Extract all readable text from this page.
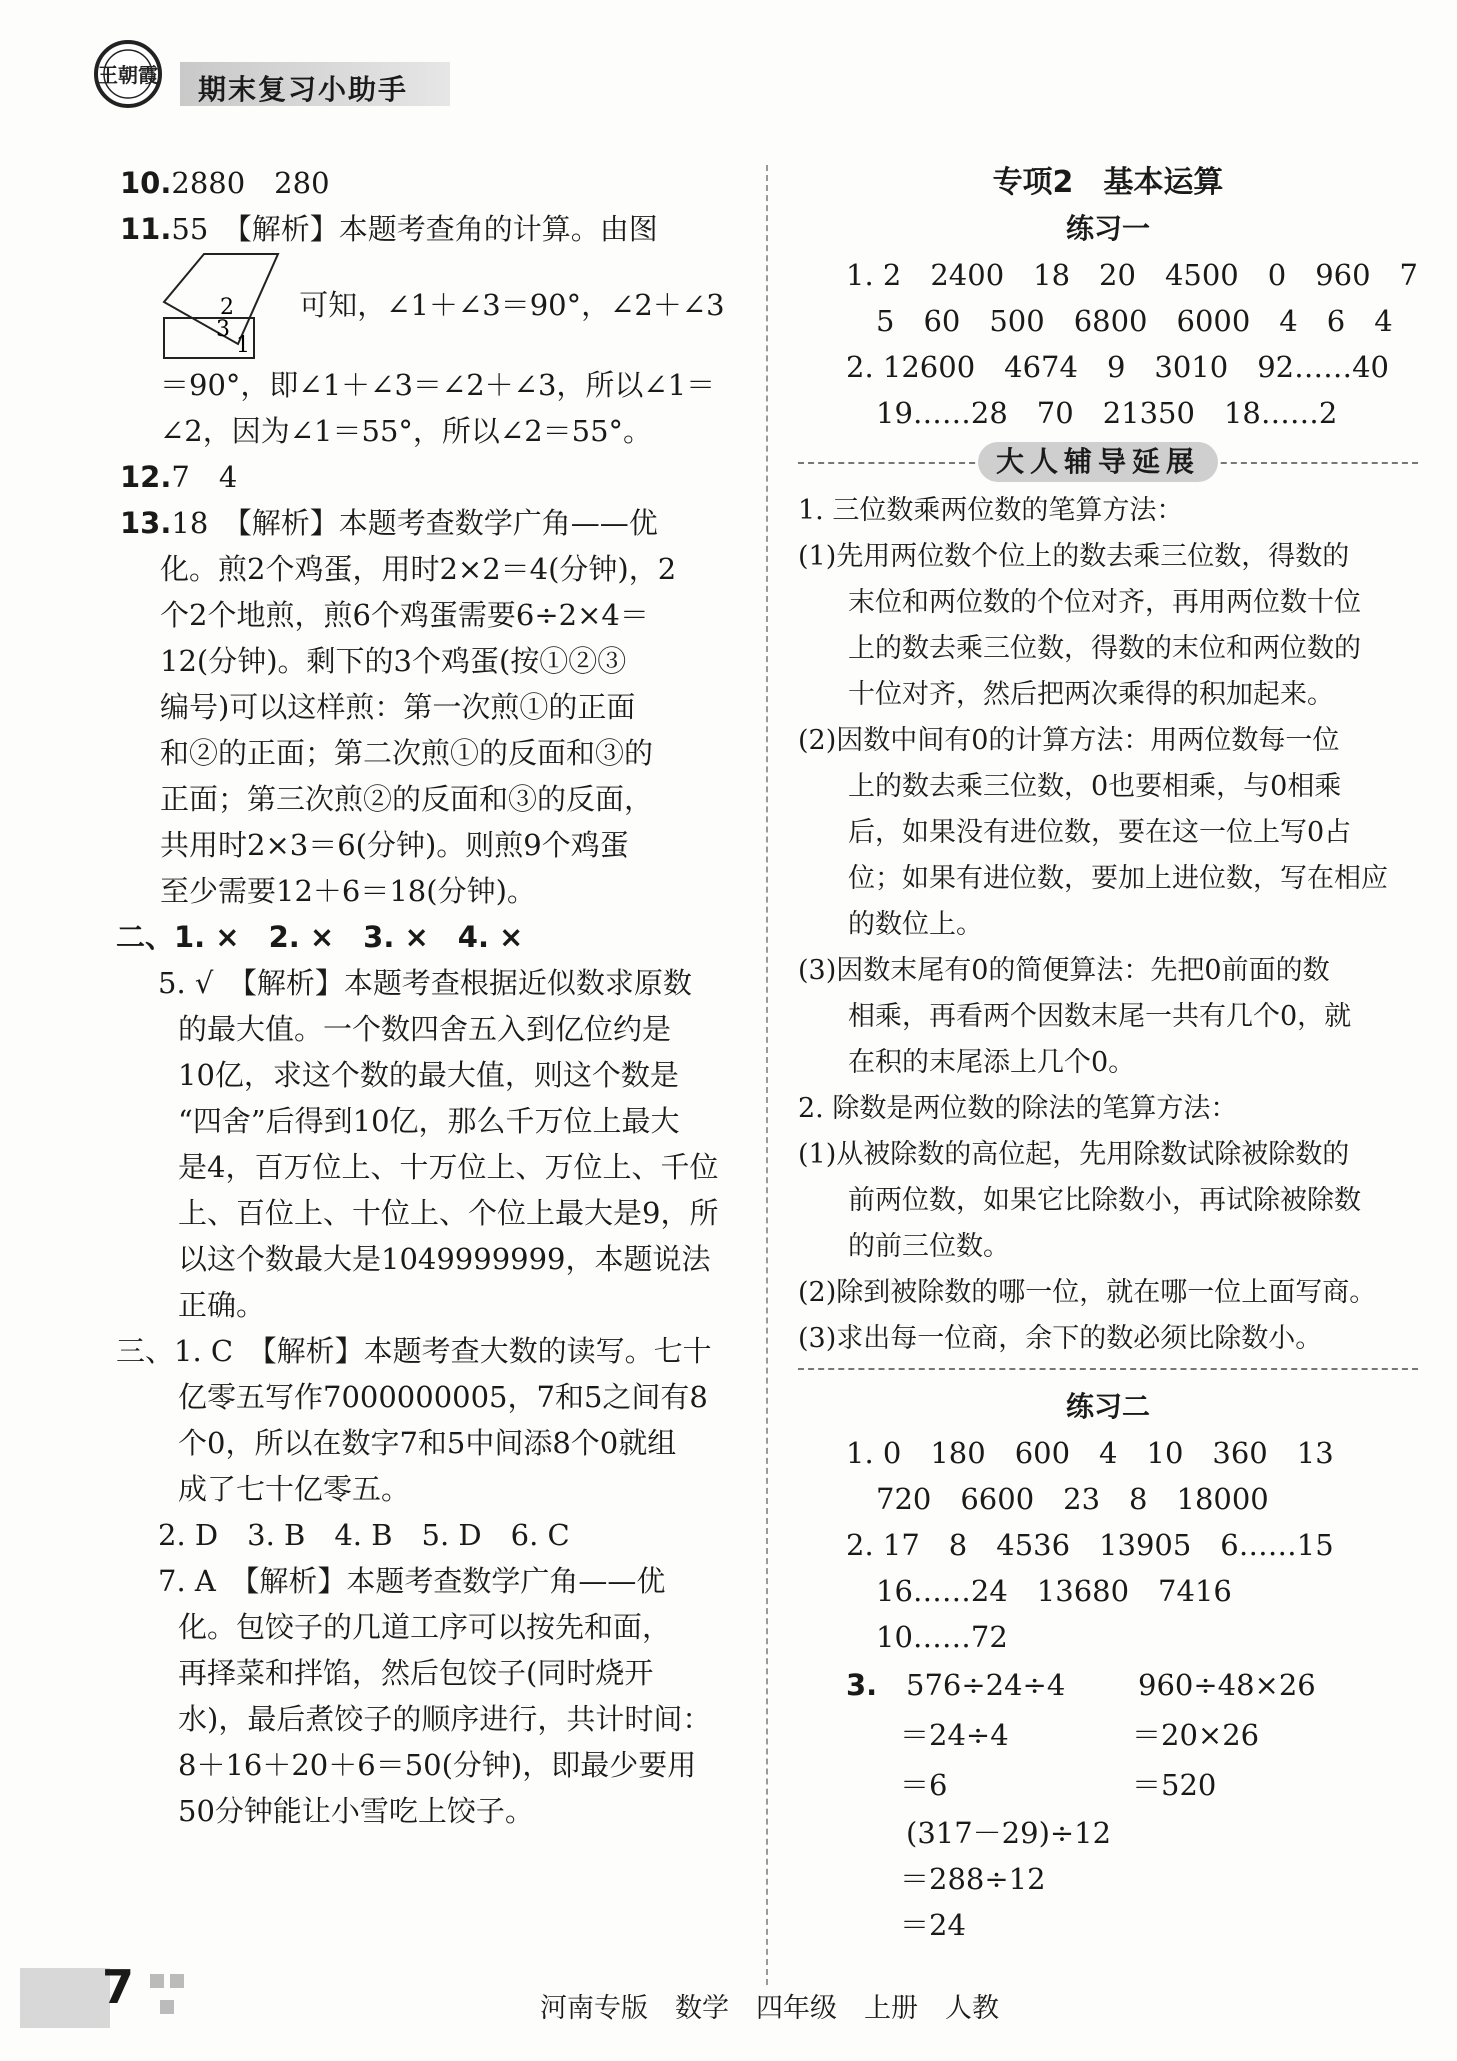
王朝霞 期末复习小助手
10.2880　280
11.55　【解析】本题考查角的计算。由图
2
3
1
可知，∠1＋∠3＝90°，∠2＋∠3
＝90°，即∠1＋∠3＝∠2＋∠3，所以∠1＝
∠2，因为∠1＝55°，所以∠2＝55°。
12.7　4
13.18　【解析】本题考查数学广角——优
化。煎2个鸡蛋，用时2×2＝4(分钟)，2
个2个地煎，煎6个鸡蛋需要6÷2×4＝
12(分钟)。剩下的3个鸡蛋(按①②③
编号)可以这样煎：第一次煎①的正面
和②的正面；第二次煎①的反面和③的
正面；第三次煎②的反面和③的反面，
共用时2×3＝6(分钟)。则煎9个鸡蛋
至少需要12＋6＝18(分钟)。
二、1. ×　2. ×　3. ×　4. ×
5. √　【解析】本题考查根据近似数求原数
的最大值。一个数四舍五入到亿位约是
10亿，求这个数的最大值，则这个数是
“四舍”后得到10亿，那么千万位上最大
是4，百万位上、十万位上、万位上、千位
上、百位上、十位上、个位上最大是9，所
以这个数最大是1049999999，本题说法
正确。
三、1. C　【解析】本题考查大数的读写。七十
亿零五写作7000000005，7和5之间有8
个0，所以在数字7和5中间添8个0就组
成了七十亿零五。
2. D　3. B　4. B　5. D　6. C
7. A　【解析】本题考查数学广角——优
化。包饺子的几道工序可以按先和面，
再择菜和拌馅，然后包饺子(同时烧开
水)，最后煮饺子的顺序进行，共计时间：
8＋16＋20＋6＝50(分钟)，即最少要用
50分钟能让小雪吃上饺子。
专项2　基本运算
练习一
1. 2　2400　18　20　4500　0　960　7
5　60　500　6800　6000　4　6　4
2. 12600　4674　9　3010　92……40
19……28　70　21350　18……2
大人辅导延展
1. 三位数乘两位数的笔算方法：
(1)先用两位数个位上的数去乘三位数，得数的
末位和两位数的个位对齐，再用两位数十位
上的数去乘三位数，得数的末位和两位数的
十位对齐，然后把两次乘得的积加起来。
(2)因数中间有0的计算方法：用两位数每一位
上的数去乘三位数，0也要相乘，与0相乘
后，如果没有进位数，要在这一位上写0占
位；如果有进位数，要加上进位数，写在相应
的数位上。
(3)因数末尾有0的简便算法：先把0前面的数
相乘，再看两个因数末尾一共有几个0，就
在积的末尾添上几个0。
2. 除数是两位数的除法的笔算方法：
(1)从被除数的高位起，先用除数试除被除数的
前两位数，如果它比除数小，再试除被除数
的前三位数。
(2)除到被除数的哪一位，就在哪一位上面写商。
(3)求出每一位商，余下的数必须比除数小。
练习二
1. 0　180　600　4　10　360　13
720　6600　23　8　18000
2. 17　8　4536　13905　6……15
16……24　13680　7416
10……72
3. 576÷24÷4
＝24÷4
＝6
960÷48×26
＝20×26
＝520
(317－29)÷12
＝288÷12
＝24
7	河南专版　数学　四年级　上册　人教
